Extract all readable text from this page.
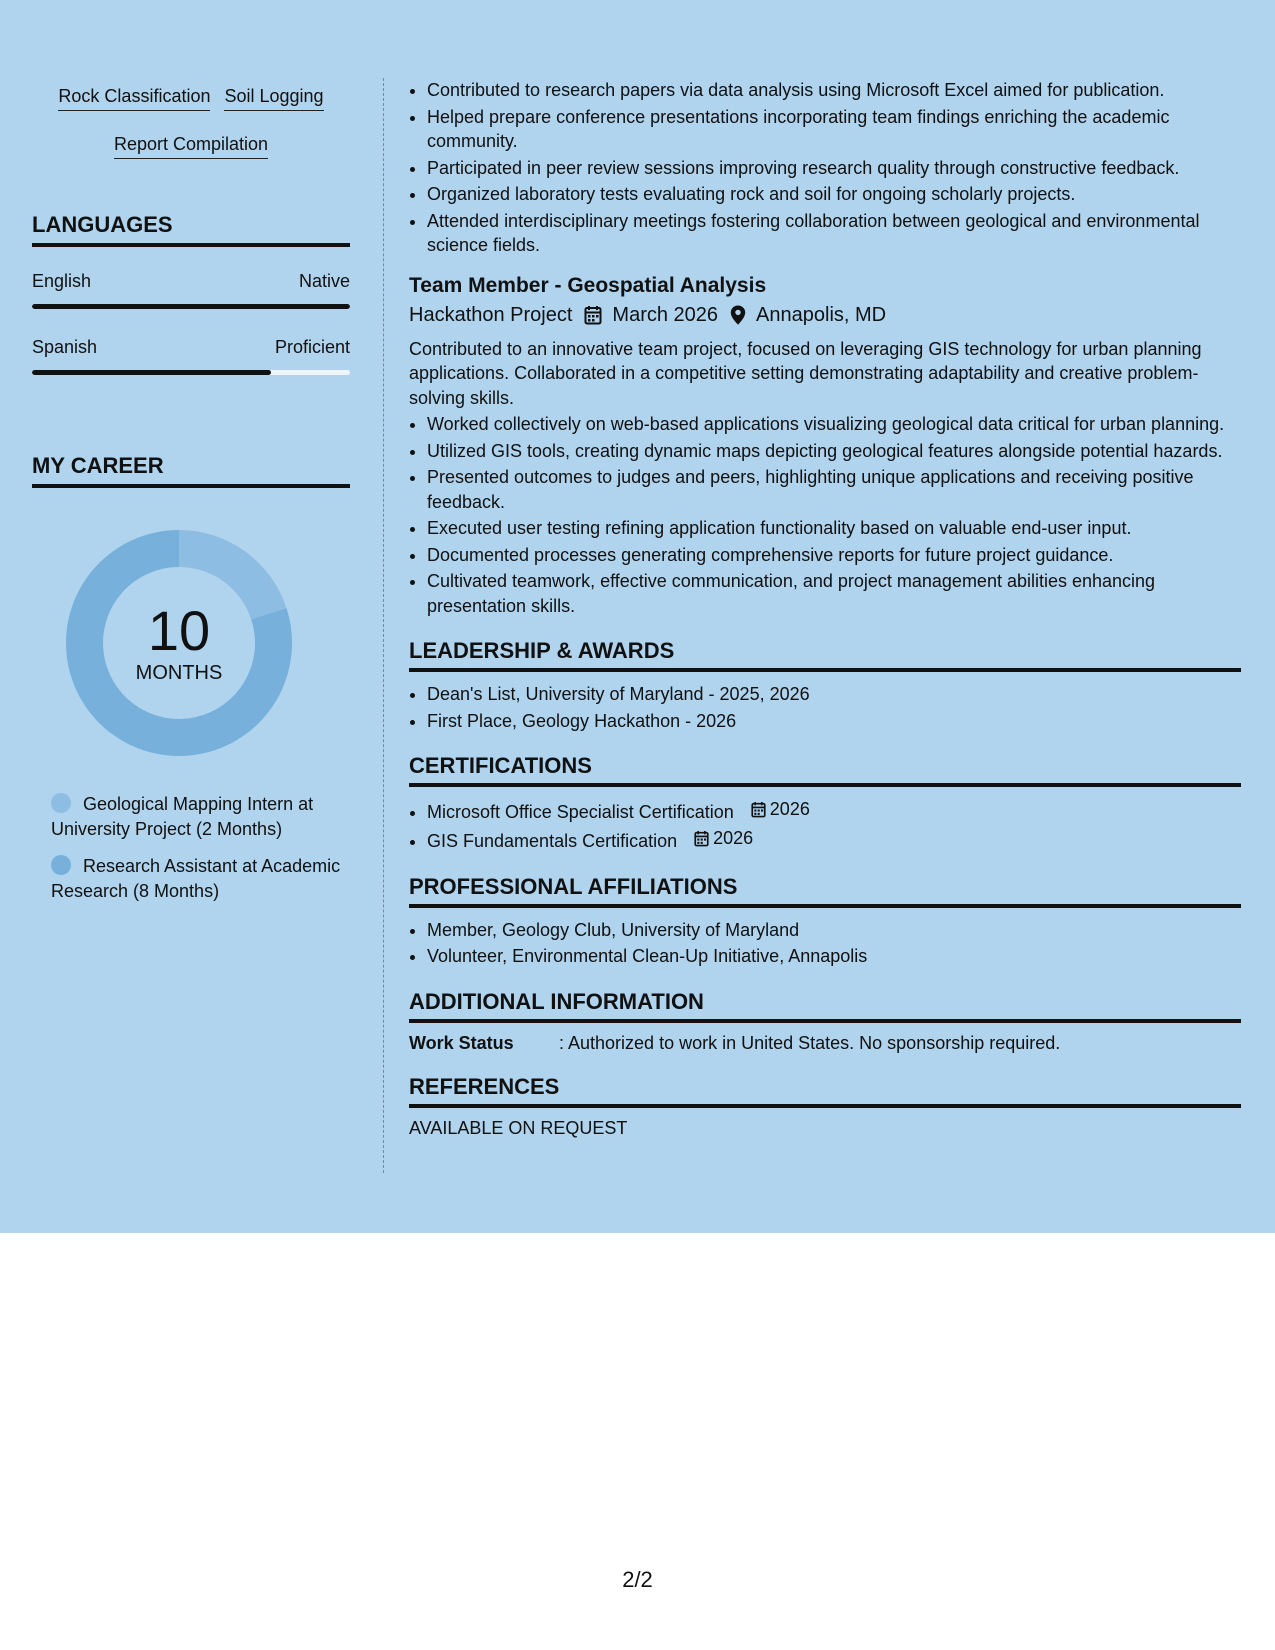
Rock Classification Soil Logging
Report Compilation
LANGUAGES
English	Native
Spanish	Proficient
MY CAREER
10
MONTHS
Geological Mapping Intern at University Project (2 Months)
Research Assistant at Academic Research (8 Months)
• Contributed to research papers via data analysis using Microsoft Excel aimed for publication.
• Helped prepare conference presentations incorporating team findings enriching the academic community.
• Participated in peer review sessions improving research quality through constructive feedback.
• Organized laboratory tests evaluating rock and soil for ongoing scholarly projects.
• Attended interdisciplinary meetings fostering collaboration between geological and environmental science fields.
Team Member - Geospatial Analysis
Hackathon Project March 2026 Annapolis, MD
Contributed to an innovative team project, focused on leveraging GIS technology for urban planning applications. Collaborated in a competitive setting demonstrating adaptability and creative problem-solving skills.
• Worked collectively on web-based applications visualizing geological data critical for urban planning.
• Utilized GIS tools, creating dynamic maps depicting geological features alongside potential hazards.
• Presented outcomes to judges and peers, highlighting unique applications and receiving positive feedback.
• Executed user testing refining application functionality based on valuable end-user input.
• Documented processes generating comprehensive reports for future project guidance.
• Cultivated teamwork, effective communication, and project management abilities enhancing presentation skills.
LEADERSHIP & AWARDS
• Dean's List, University of Maryland - 2025, 2026
• First Place, Geology Hackathon - 2026
CERTIFICATIONS
• Microsoft Office Specialist Certification 2026
• GIS Fundamentals Certification 2026
PROFESSIONAL AFFILIATIONS
• Member, Geology Club, University of Maryland
• Volunteer, Environmental Clean-Up Initiative, Annapolis
ADDITIONAL INFORMATION
Work Status	: Authorized to work in United States. No sponsorship required.
REFERENCES
AVAILABLE ON REQUEST
2/2
